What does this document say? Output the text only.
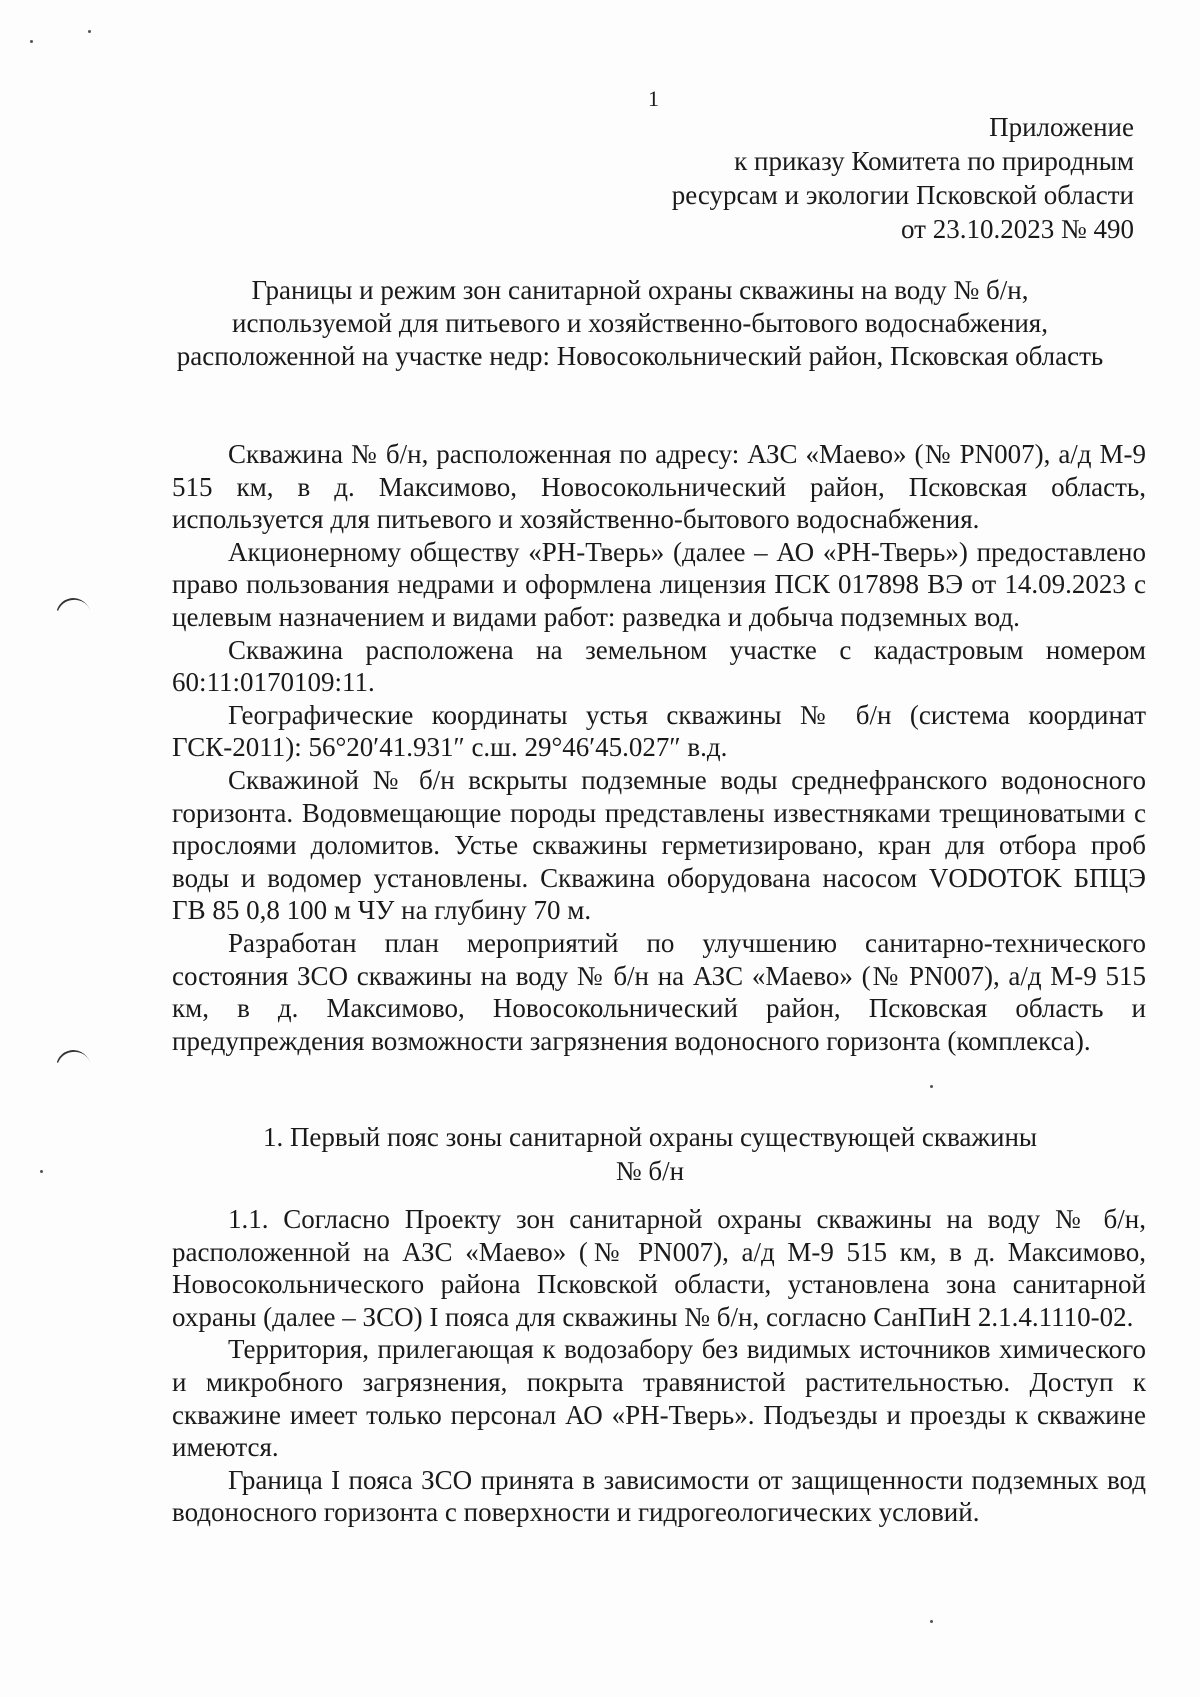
1
Приложение
к приказу Комитета по природным
ресурсам и экологии Псковской области
от 23.10.2023 № 490
Границы и режим зон санитарной охраны скважины на воду № б/н,
используемой для питьевого и хозяйственно-бытового водоснабжения,
расположенной на участке недр: Новосокольнический район, Псковская область

Скважина № б/н, расположенная по адресу: АЗС «Маево» (№ PN007), а/д М-9 515 км, в д. Максимово, Новосокольнический район, Псковская область, используется для питьевого и хозяйственно-бытового водоснабжения.

Акционерному обществу «РН-Тверь» (далее – АО «РН-Тверь») предоставлено право пользования недрами и оформлена лицензия ПСК 017898 ВЭ от 14.09.2023 с целевым назначением и видами работ: разведка и добыча подземных вод.

Скважина расположена на земельном участке с кадастровым номером 60:11:0170109:11.

Географические координаты устья скважины № б/н (система координат ГСК-2011): 56°20′41.931″ с.ш. 29°46′45.027″ в.д.

Скважиной № б/н вскрыты подземные воды среднефранского водоносного горизонта. Водовмещающие породы представлены известняками трещиноватыми с прослоями доломитов. Устье скважины герметизировано, кран для отбора проб воды и водомер установлены. Скважина оборудована насосом VODOTOK БПЦЭ ГВ 85 0,8 100 м ЧУ на глубину 70 м.

Разработан план мероприятий по улучшению санитарно-технического состояния ЗСО скважины на воду № б/н на АЗС «Маево» (№ PN007), а/д М-9 515 км, в д. Максимово, Новосокольнический район, Псковская область и предупреждения возможности загрязнения водоносного горизонта (комплекса).

1. Первый пояс зоны санитарной охраны существующей скважины
№ б/н

1.1. Согласно Проекту зон санитарной охраны скважины на воду № б/н, расположенной на АЗС «Маево» (№ PN007), а/д М-9 515 км, в д. Максимово, Новосокольнического района Псковской области, установлена зона санитарной охраны (далее – ЗСО) I пояса для скважины № б/н, согласно СанПиН 2.1.4.1110-02.

Территория, прилегающая к водозабору без видимых источников химического и микробного загрязнения, покрыта травянистой растительностью. Доступ к скважине имеет только персонал АО «РН-Тверь». Подъезды и проезды к скважине имеются.

Граница I пояса ЗСО принята в зависимости от защищенности подземных вод водоносного горизонта с поверхности и гидрогеологических условий.
